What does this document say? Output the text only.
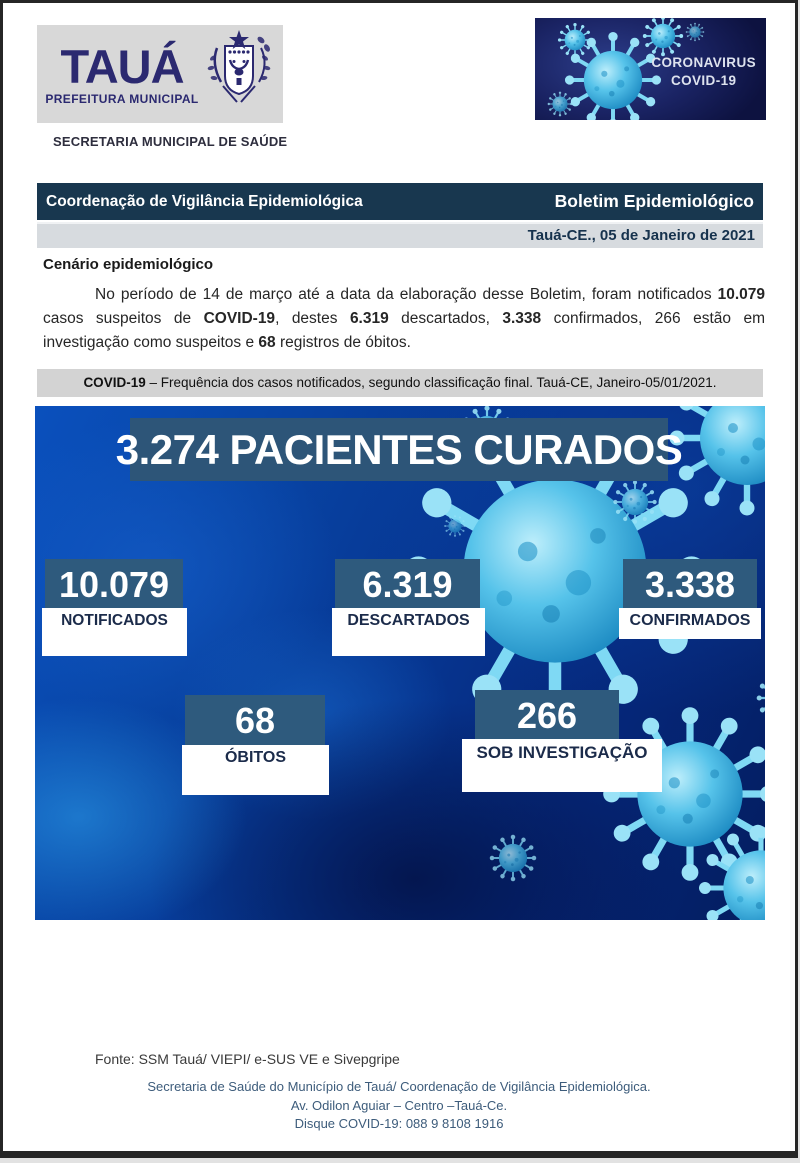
TAUÁ
PREFEITURA MUNICIPAL
SECRETARIA MUNICIPAL DE SAÚDE
CORONAVIRUS
COVID-19
Coordenação de Vigilância Epidemiológica	Boletim Epidemiológico
Tauá-CE., 05 de Janeiro de 2021
Cenário epidemiológico

No período de 14 de março até a data da elaboração desse Boletim, foram notificados 10.079 casos suspeitos de COVID-19, destes 6.319 descartados, 3.338 confirmados, 266 estão em investigação como suspeitos e 68 registros de óbitos.

COVID-19 – Frequência dos casos notificados, segundo classificação final. Tauá-CE, Janeiro-05/01/2021.
3.274 PACIENTES CURADOS
10.079
NOTIFICADOS
6.319
DESCARTADOS
3.338
CONFIRMADOS
68
ÓBITOS
266
SOB INVESTIGAÇÃO
Fonte: SSM Tauá/ VIEPI/ e-SUS VE e Sivepgripe
Secretaria de Saúde do Município de Tauá/ Coordenação de Vigilância Epidemiológica.
Av. Odilon Aguiar – Centro –Tauá-Ce.
Disque COVID-19: 088 9 8108 1916
